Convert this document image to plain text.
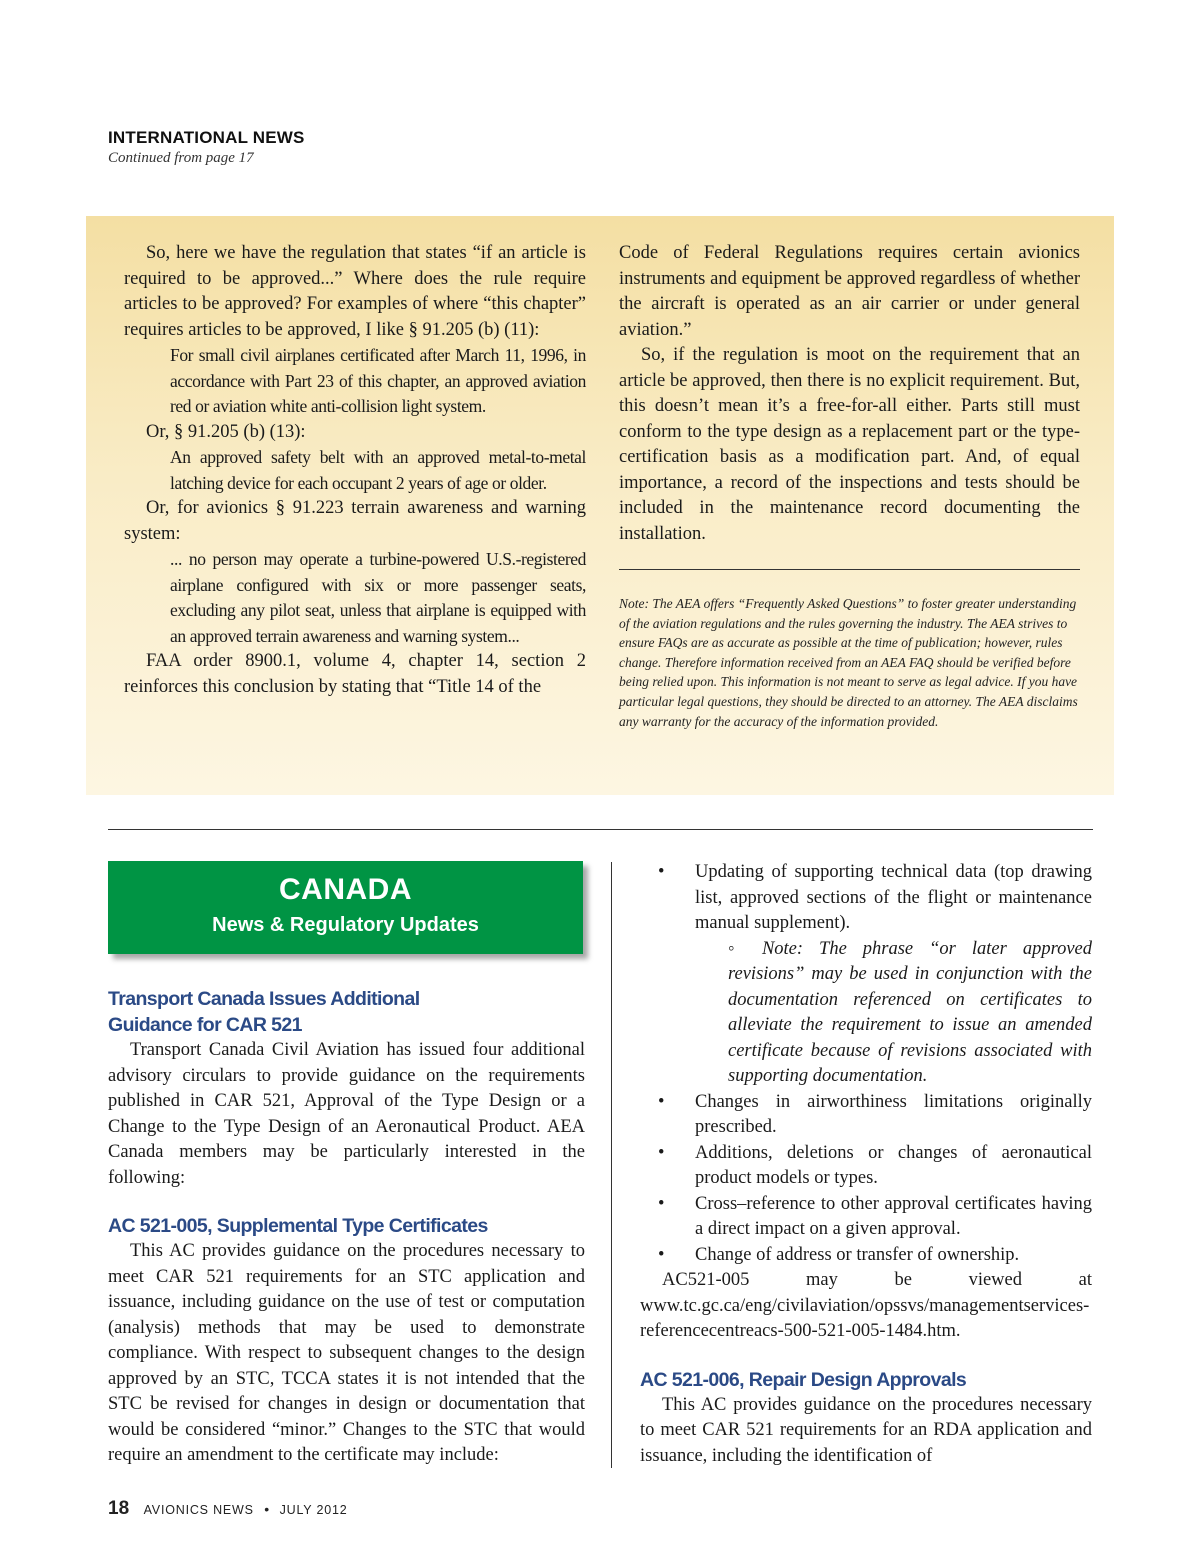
INTERNATIONAL NEWS
Continued from page 17

So, here we have the regulation that states “if an article is required to be approved...” Where does the rule require articles to be approved? For examples of where “this chapter” requires articles to be approved, I like § 91.205 (b) (11):

For small civil airplanes certificated after March 11, 1996, in accordance with Part 23 of this chapter, an approved aviation red or aviation white anti-collision light system.

Or, § 91.205 (b) (13):

An approved safety belt with an approved metal-to-metal latching device for each occupant 2 years of age or older.

Or, for avionics § 91.223 terrain awareness and warning system:

... no person may operate a turbine-powered U.S.-registered airplane configured with six or more passenger seats, excluding any pilot seat, unless that airplane is equipped with an approved terrain awareness and warning system...

FAA order 8900.1, volume 4, chapter 14, section 2 reinforces this conclusion by stating that “Title 14 of the

Code of Federal Regulations requires certain avionics instruments and equipment be approved regardless of whether the aircraft is operated as an air carrier or under general aviation.”

So, if the regulation is moot on the requirement that an article be approved, then there is no explicit requirement. But, this doesn’t mean it’s a free-for-all either. Parts still must conform to the type design as a replacement part or the type-certification basis as a modification part. And, of equal importance, a record of the inspections and tests should be included in the maintenance record documenting the installation.

Note: The AEA offers “Frequently Asked Questions” to foster greater understanding of the aviation regulations and the rules governing the industry. The AEA strives to ensure FAQs are as accurate as possible at the time of publication; however, rules change. Therefore information received from an AEA FAQ should be verified before being relied upon. This information is not meant to serve as legal advice. If you have particular legal questions, they should be directed to an attorney. The AEA disclaims any warranty for the accuracy of the information provided.
CANADA
News & Regulatory Updates
Transport Canada Issues Additional
Guidance for CAR 521

Transport Canada Civil Aviation has issued four additional advisory circulars to provide guidance on the requirements published in CAR 521, Approval of the Type Design or a Change to the Type Design of an Aeronautical Product. AEA Canada members may be particularly interested in the following:

AC 521-005, Supplemental Type Certificates

This AC provides guidance on the procedures necessary to meet CAR 521 requirements for an STC application and issuance, including guidance on the use of test or computation (analysis) methods that may be used to demonstrate compliance. With respect to subsequent changes to the design approved by an STC, TCCA states it is not intended that the STC be revised for changes in design or documentation that would be considered “minor.” Changes to the STC that would require an amendment to the certificate may include:

• Updating of supporting technical data (top drawing list, approved sections of the flight or maintenance manual supplement).

◦ Note: The phrase “or later approved revisions” may be used in conjunction with the documentation referenced on certificates to alleviate the requirement to issue an amended certificate because of revisions associated with supporting documentation.

• Changes in airworthiness limitations originally prescribed.
• Additions, deletions or changes of aeronautical product models or types.
• Cross–reference to other approval certificates having a direct impact on a given approval.
• Change of address or transfer of ownership.

AC521-005 may be viewed at www.tc.gc.ca/eng/civilaviation/opssvs/managementservices-referencecentreacs-500-521-005-1484.htm.

AC 521-006, Repair Design Approvals

This AC provides guidance on the procedures necessary to meet CAR 521 requirements for an RDA application and issuance, including the identification of

18 AVIONICS NEWS • JULY 2012
